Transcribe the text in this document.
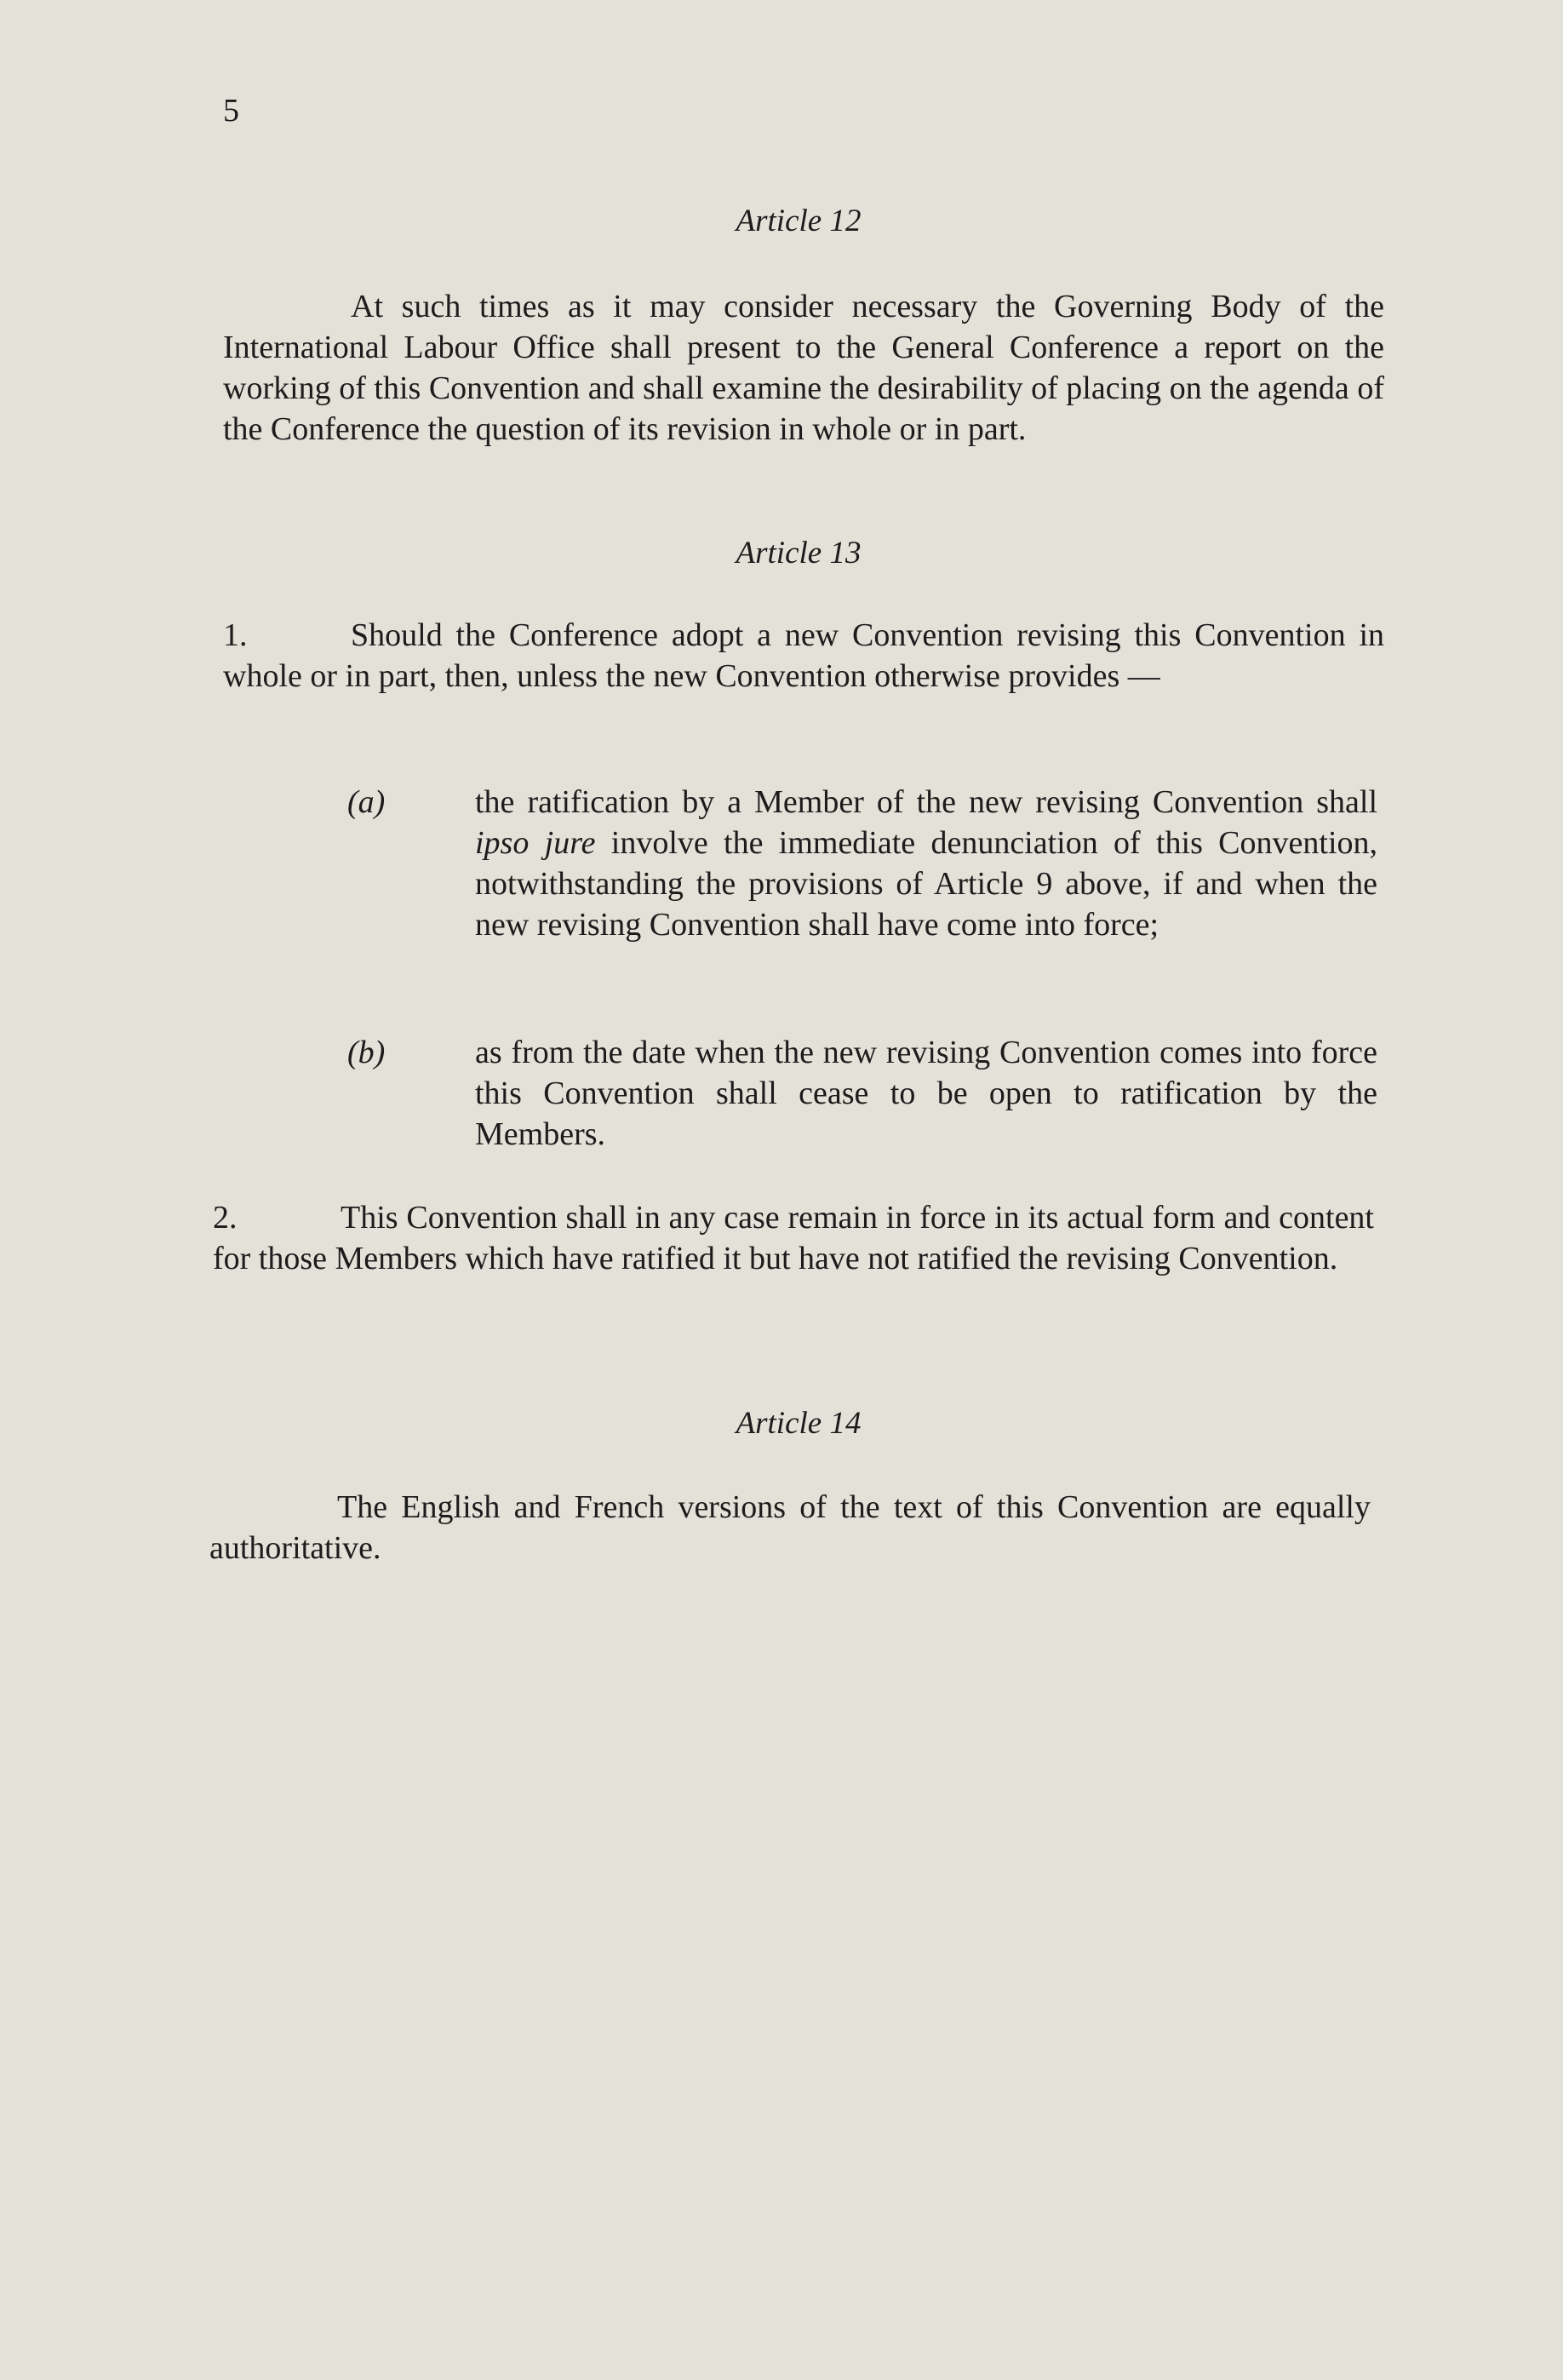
5
Article 12
At such times as it may consider necessary the Governing Body of the International Labour Office shall present to the General Conference a report on the working of this Convention and shall examine the desirability of placing on the agenda of the Conference the question of its revision in whole or in part.
Article 13
1.	Should the Conference adopt a new Convention revising this Convention in whole or in part, then, unless the new Convention otherwise provides —
(a)	the ratification by a Member of the new revising Convention shall ipso jure involve the immediate denunciation of this Convention, notwithstanding the provisions of Article 9 above, if and when the new revising Convention shall have come into force;
(b)	as from the date when the new revising Convention comes into force this Convention shall cease to be open to ratification by the Members.
2.	This Convention shall in any case remain in force in its actual form and content for those Members which have ratified it but have not ratified the revising Convention.
Article 14
The English and French versions of the text of this Convention are equally authoritative.
